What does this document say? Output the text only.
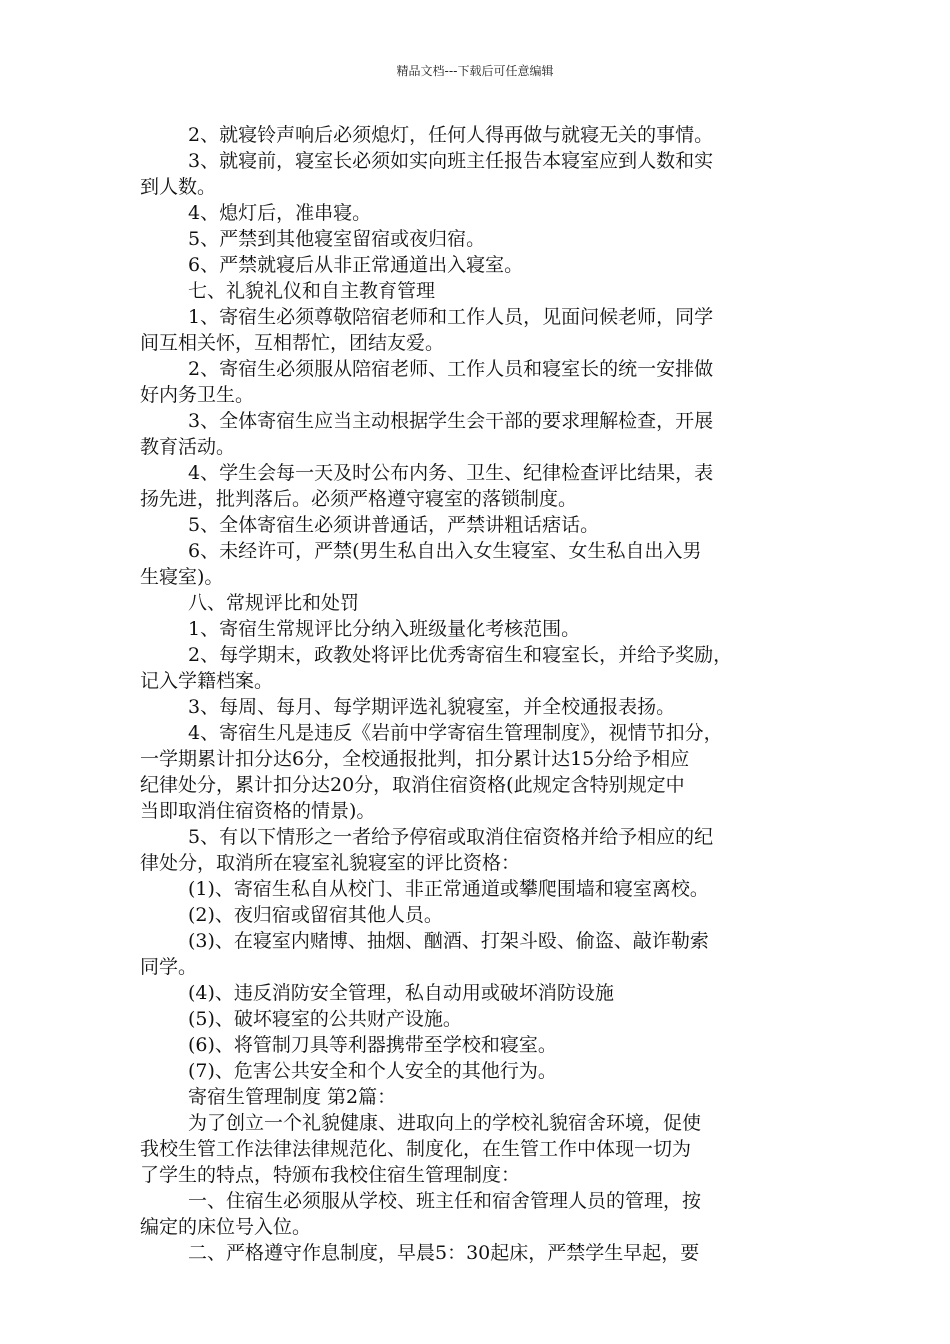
精品文档---下载后可任意编辑
2、就寝铃声响后必须熄灯，任何人得再做与就寝无关的事情。
3、就寝前，寝室长必须如实向班主任报告本寝室应到人数和实
到人数。
4、熄灯后，准串寝。
5、严禁到其他寝室留宿或夜归宿。
6、严禁就寝后从非正常通道出入寝室。
七、礼貌礼仪和自主教育管理
1、寄宿生必须尊敬陪宿老师和工作人员，见面问候老师，同学
间互相关怀，互相帮忙，团结友爱。
2、寄宿生必须服从陪宿老师、工作人员和寝室长的统一安排做
好内务卫生。
3、全体寄宿生应当主动根据学生会干部的要求理解检查，开展
教育活动。
4、学生会每一天及时公布内务、卫生、纪律检查评比结果，表
扬先进，批判落后。必须严格遵守寝室的落锁制度。
5、全体寄宿生必须讲普通话，严禁讲粗话痞话。
6、未经许可，严禁(男生私自出入女生寝室、女生私自出入男
生寝室)。
八、常规评比和处罚
1、寄宿生常规评比分纳入班级量化考核范围。
2、每学期末，政教处将评比优秀寄宿生和寝室长，并给予奖励，
记入学籍档案。
3、每周、每月、每学期评选礼貌寝室，并全校通报表扬。
4、寄宿生凡是违反《岩前中学寄宿生管理制度》，视情节扣分，
一学期累计扣分达6分，全校通报批判，扣分累计达15分给予相应
纪律处分，累计扣分达20分，取消住宿资格(此规定含特别规定中
当即取消住宿资格的情景)。
5、有以下情形之一者给予停宿或取消住宿资格并给予相应的纪
律处分，取消所在寝室礼貌寝室的评比资格：
(1)、寄宿生私自从校门、非正常通道或攀爬围墙和寝室离校。
(2)、夜归宿或留宿其他人员。
(3)、在寝室内赌博、抽烟、酗酒、打架斗殴、偷盗、敲诈勒索
同学。
(4)、违反消防安全管理，私自动用或破坏消防设施
(5)、破坏寝室的公共财产设施。
(6)、将管制刀具等利器携带至学校和寝室。
(7)、危害公共安全和个人安全的其他行为。
寄宿生管理制度 第2篇：
为了创立一个礼貌健康、进取向上的学校礼貌宿舍环境，促使
我校生管工作法律法律规范化、制度化，在生管工作中体现一切为
了学生的特点，特颁布我校住宿生管理制度：
一、住宿生必须服从学校、班主任和宿舍管理人员的管理，按
编定的床位号入位。
二、严格遵守作息制度，早晨5：30起床，严禁学生早起，要
